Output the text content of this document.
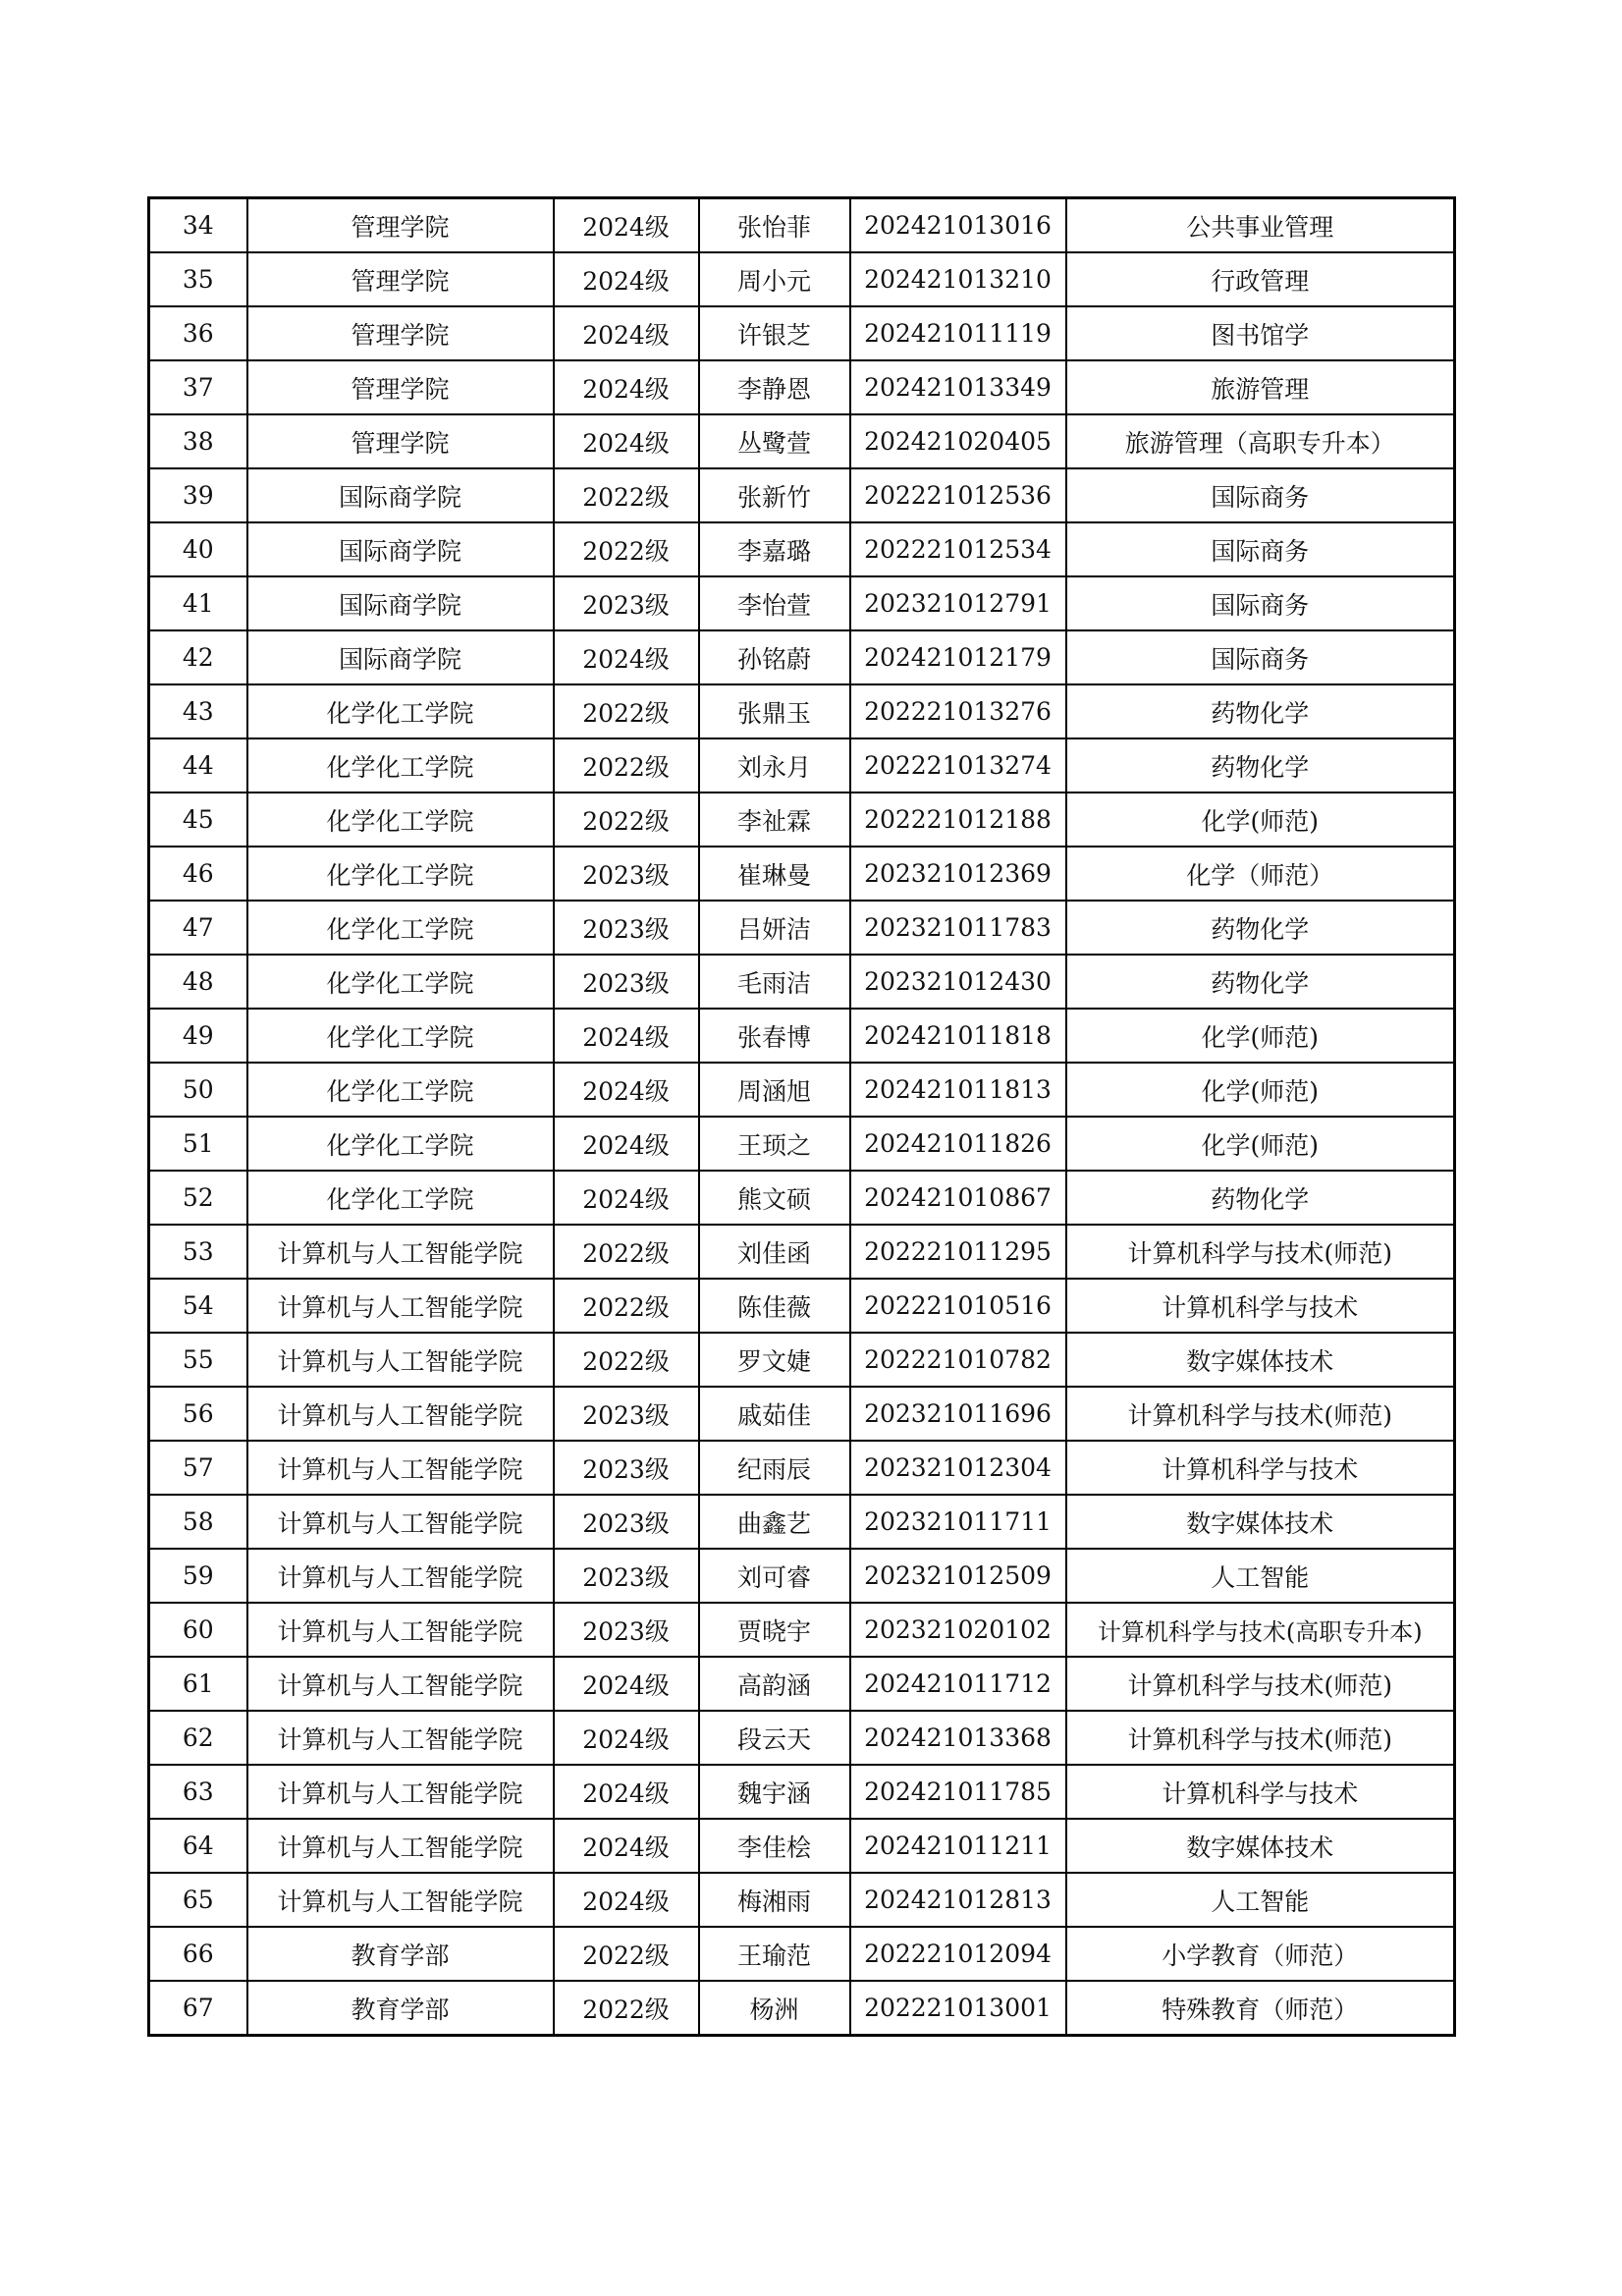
34	管理学院	2024级	张怡菲	202421013016	公共事业管理
35	管理学院	2024级	周小元	202421013210	行政管理
36	管理学院	2024级	许银芝	202421011119	图书馆学
37	管理学院	2024级	李静恩	202421013349	旅游管理
38	管理学院	2024级	丛鹭萱	202421020405	旅游管理（高职专升本）
39	国际商学院	2022级	张新竹	202221012536	国际商务
40	国际商学院	2022级	李嘉璐	202221012534	国际商务
41	国际商学院	2023级	李怡萱	202321012791	国际商务
42	国际商学院	2024级	孙铭蔚	202421012179	国际商务
43	化学化工学院	2022级	张鼎玉	202221013276	药物化学
44	化学化工学院	2022级	刘永月	202221013274	药物化学
45	化学化工学院	2022级	李祉霖	202221012188	化学(师范)
46	化学化工学院	2023级	崔琳曼	202321012369	化学（师范）
47	化学化工学院	2023级	吕妍洁	202321011783	药物化学
48	化学化工学院	2023级	毛雨洁	202321012430	药物化学
49	化学化工学院	2024级	张春博	202421011818	化学(师范)
50	化学化工学院	2024级	周涵旭	202421011813	化学(师范)
51	化学化工学院	2024级	王顼之	202421011826	化学(师范)
52	化学化工学院	2024级	熊文硕	202421010867	药物化学
53	计算机与人工智能学院	2022级	刘佳函	202221011295	计算机科学与技术(师范)
54	计算机与人工智能学院	2022级	陈佳薇	202221010516	计算机科学与技术
55	计算机与人工智能学院	2022级	罗文婕	202221010782	数字媒体技术
56	计算机与人工智能学院	2023级	戚茹佳	202321011696	计算机科学与技术(师范)
57	计算机与人工智能学院	2023级	纪雨辰	202321012304	计算机科学与技术
58	计算机与人工智能学院	2023级	曲鑫艺	202321011711	数字媒体技术
59	计算机与人工智能学院	2023级	刘可睿	202321012509	人工智能
60	计算机与人工智能学院	2023级	贾晓宇	202321020102	计算机科学与技术(高职专升本)
61	计算机与人工智能学院	2024级	高韵涵	202421011712	计算机科学与技术(师范)
62	计算机与人工智能学院	2024级	段云天	202421013368	计算机科学与技术(师范)
63	计算机与人工智能学院	2024级	魏宇涵	202421011785	计算机科学与技术
64	计算机与人工智能学院	2024级	李佳桧	202421011211	数字媒体技术
65	计算机与人工智能学院	2024级	梅湘雨	202421012813	人工智能
66	教育学部	2022级	王瑜范	202221012094	小学教育（师范）
67	教育学部	2022级	杨洲	202221013001	特殊教育（师范）
